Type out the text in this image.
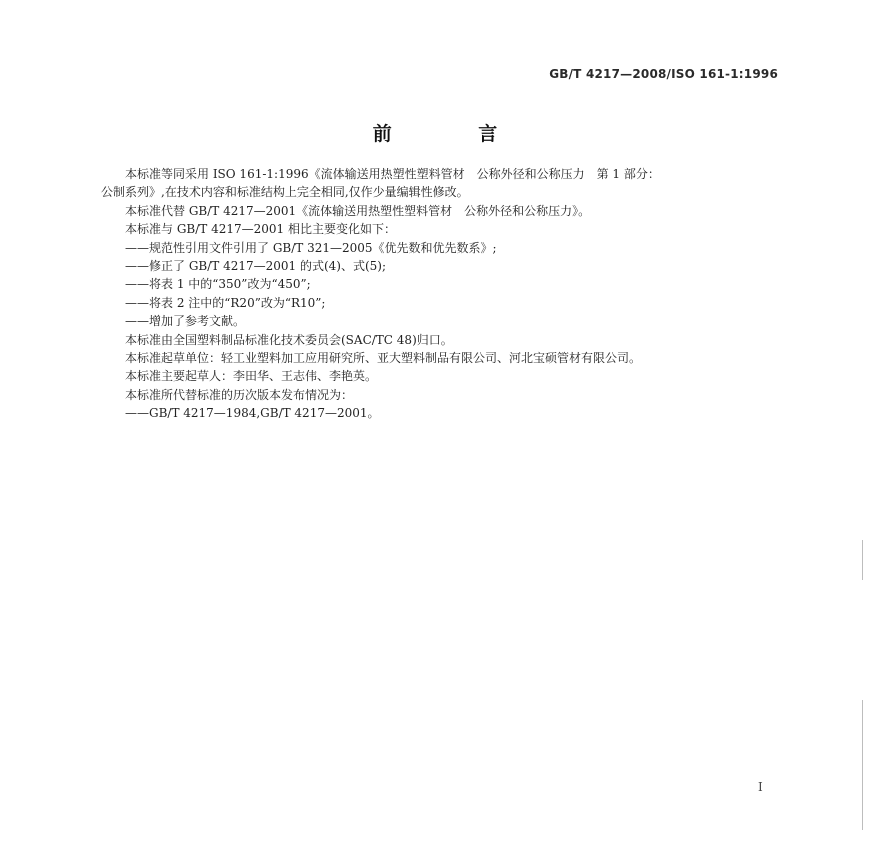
GB/T 4217—2008/ISO 161-1:1996
前 言
本标准等同采用 ISO 161-1:1996《流体输送用热塑性塑料管材　公称外径和公称压力　第 1 部分：
公制系列》,在技术内容和标准结构上完全相同,仅作少量编辑性修改。
本标准代替 GB/T 4217—2001《流体输送用热塑性塑料管材　公称外径和公称压力》。
本标准与 GB/T 4217—2001 相比主要变化如下：
——规范性引用文件引用了 GB/T 321—2005《优先数和优先数系》;
——修正了 GB/T 4217—2001 的式(4)、式(5);
——将表 1 中的“350”改为“450”;
——将表 2 注中的“R20”改为“R10”;
——增加了参考文献。
本标准由全国塑料制品标准化技术委员会(SAC/TC 48)归口。
本标准起草单位：轻工业塑料加工应用研究所、亚大塑料制品有限公司、河北宝硕管材有限公司。
本标准主要起草人：李田华、王志伟、李艳英。
本标准所代替标准的历次版本发布情况为：
——GB/T 4217—1984,GB/T 4217—2001。
I
